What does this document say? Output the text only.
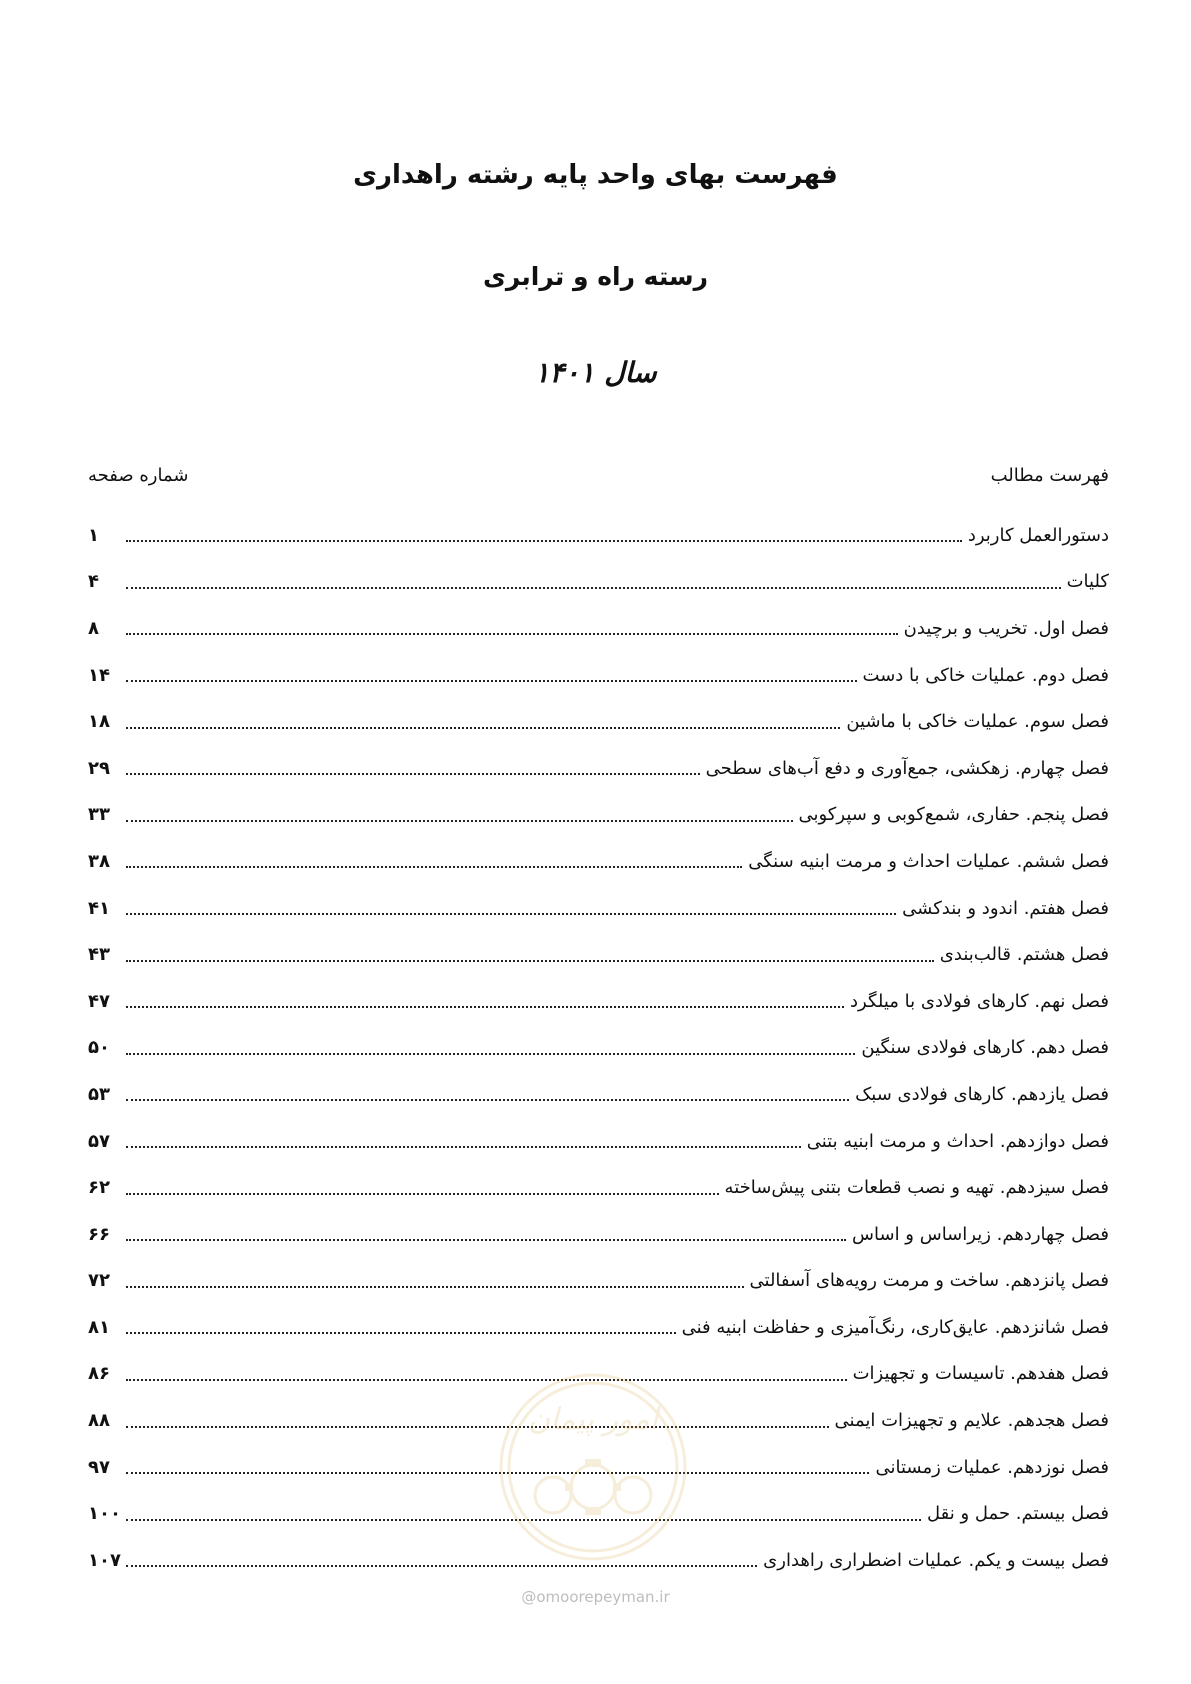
فهرست بهای واحد پایه رشته راهداری
رسته راه و ترابری
سال ۱۴۰۱
فهرست مطالب
شماره صفحه
دستورالعمل کاربرد
۱
کلیات
۴
فصل اول. تخریب و برچیدن
۸
فصل دوم. عملیات خاکی با دست
۱۴
فصل سوم. عملیات خاکی با ماشین
۱۸
فصل چهارم. زهکشی، جمع‌آوری و دفع آب‌های سطحی
۲۹
فصل پنجم. حفاری، شمع‌کوبی و سپرکوبی
۳۳
فصل ششم. عملیات احداث و مرمت ابنیه سنگی
۳۸
فصل هفتم. اندود و بندکشی
۴۱
فصل هشتم. قالب‌بندی
۴۳
فصل نهم. کارهای فولادی با میلگرد
۴۷
فصل دهم. کارهای فولادی سنگین
۵۰
فصل یازدهم. کارهای فولادی سبک
۵۳
فصل دوازدهم. احداث و مرمت ابنیه بتنی
۵۷
فصل سیزدهم. تهیه و نصب قطعات بتنی پیش‌ساخته
۶۲
فصل چهاردهم. زیراساس و اساس
۶۶
فصل پانزدهم. ساخت و مرمت رویه‌های آسفالتی
۷۲
فصل شانزدهم. عایق‌کاری، رنگ‌آمیزی و حفاظت ابنیه فنی
۸۱
فصل هفدهم. تاسیسات و تجهیزات
۸۶
فصل هجدهم. علایم و تجهیزات ایمنی
۸۸
فصل نوزدهم. عملیات زمستانی
۹۷
فصل بیستم. حمل و نقل
۱۰۰
فصل بیست و یکم. عملیات اضطراری راهداری
۱۰۷
امور پیمان
@omoorepeyman.ir
